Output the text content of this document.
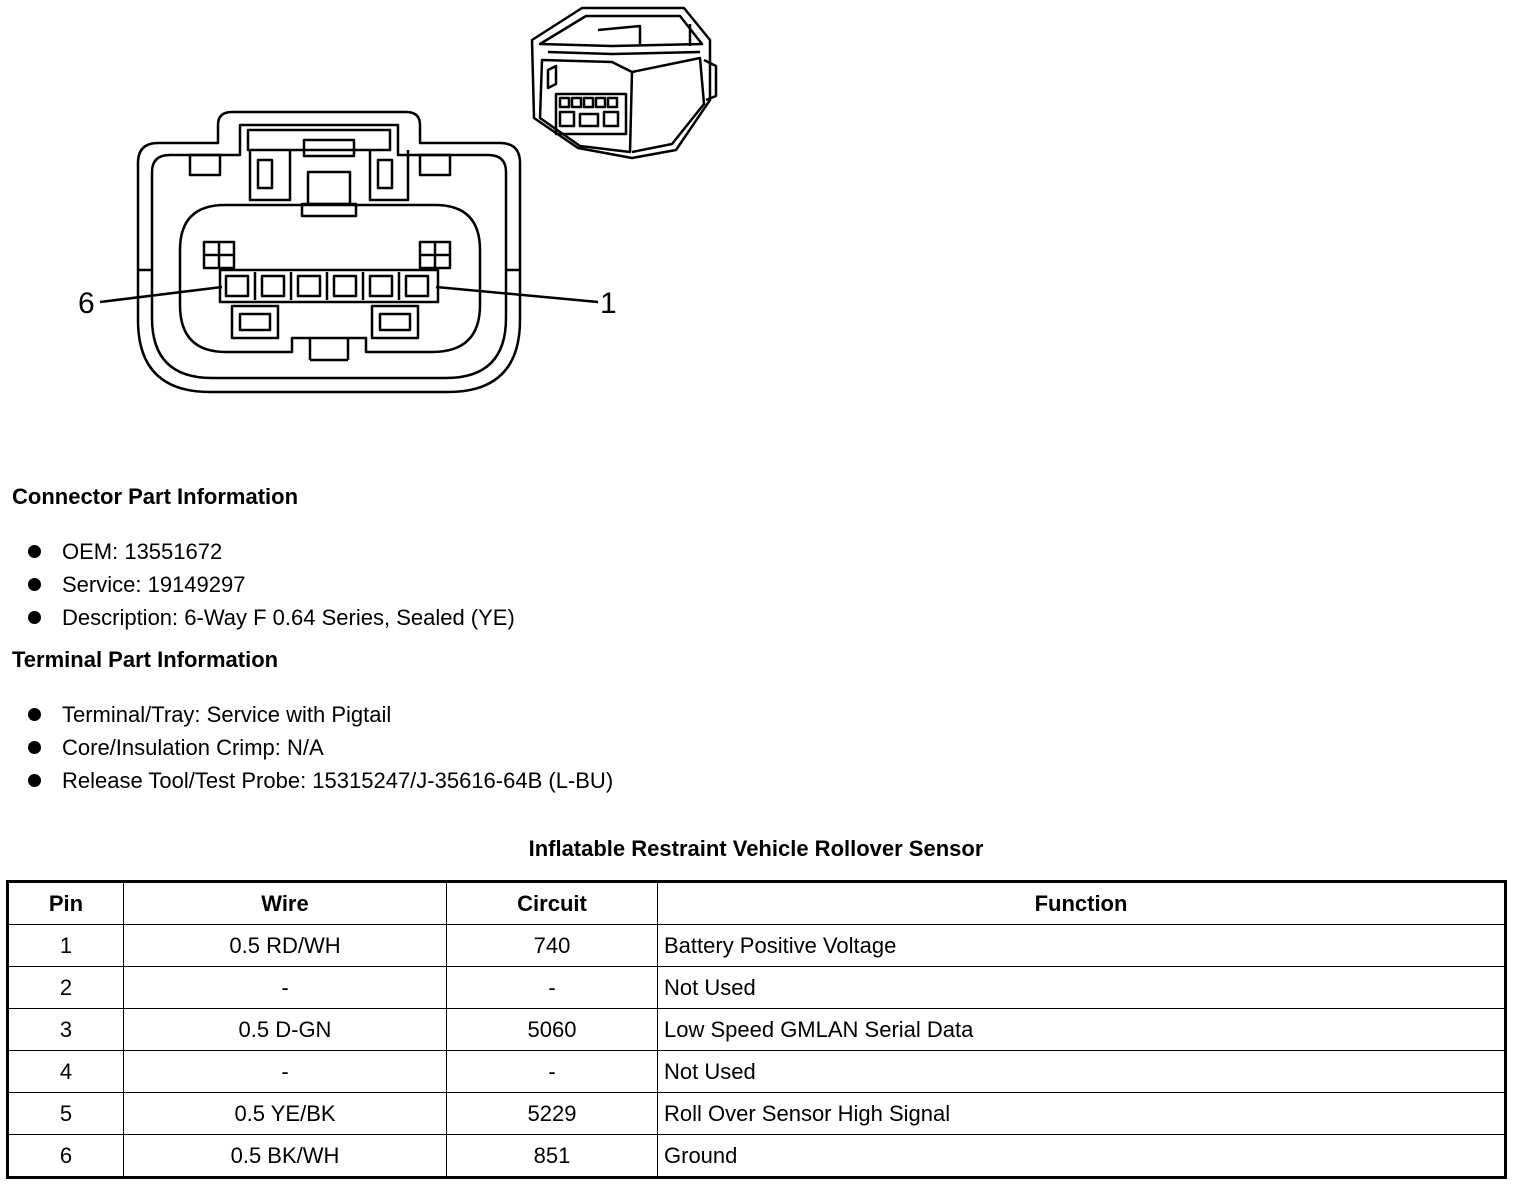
6	1
Connector Part Information
OEM: 13551672
Service: 19149297
Description: 6-Way F 0.64 Series, Sealed (YE)
Terminal Part Information
Terminal/Tray: Service with Pigtail
Core/Insulation Crimp: N/A
Release Tool/Test Probe: 15315247/J-35616-64B (L-BU)
Inflatable Restraint Vehicle Rollover Sensor
Pin	Wire	Circuit	Function
1	0.5 RD/WH	740	Battery Positive Voltage
2	-	-	Not Used
3	0.5 D-GN	5060	Low Speed GMLAN Serial Data
4	-	-	Not Used
5	0.5 YE/BK	5229	Roll Over Sensor High Signal
6	0.5 BK/WH	851	Ground
